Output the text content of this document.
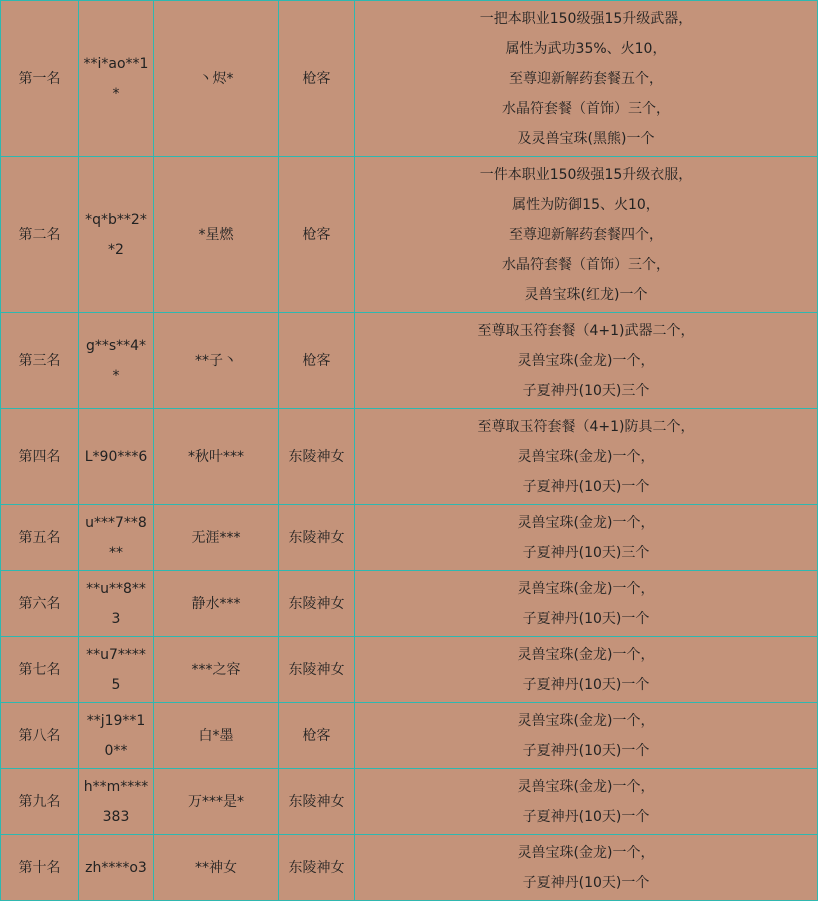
第一名	**i*ao**1*	丶烬*	枪客	一把本职业150级强15升级武器，
属性为武功35%、火10，
至尊迎新解药套餐五个，
水晶符套餐（首饰）三个，
及灵兽宝珠(黑熊)一个

第二名	*q*b**2**2	*星燃	枪客	一件本职业150级强15升级衣服，
属性为防御15、火10，
至尊迎新解药套餐四个，
水晶符套餐（首饰）三个，
灵兽宝珠(红龙)一个

第三名	g**s**4**	**子丶	枪客	至尊取玉符套餐（4+1)武器二个，
灵兽宝珠(金龙)一个，
子夏神丹(10天)三个

第四名	L*90***6	*秋叶***	东陵神女	至尊取玉符套餐（4+1)防具二个，
灵兽宝珠(金龙)一个，
子夏神丹(10天)一个

第五名	u***7**8**	无涯***	东陵神女	灵兽宝珠(金龙)一个，
子夏神丹(10天)三个

第六名	**u**8**3	静水***	东陵神女	灵兽宝珠(金龙)一个，
子夏神丹(10天)一个

第七名	**u7****5	***之容	东陵神女	灵兽宝珠(金龙)一个，
子夏神丹(10天)一个

第八名	**j19**10**	白*墨	枪客	灵兽宝珠(金龙)一个，
子夏神丹(10天)一个

第九名	h**m****383	万***是*	东陵神女	灵兽宝珠(金龙)一个，
子夏神丹(10天)一个

第十名	zh****o3	**神女	东陵神女	灵兽宝珠(金龙)一个，
子夏神丹(10天)一个
